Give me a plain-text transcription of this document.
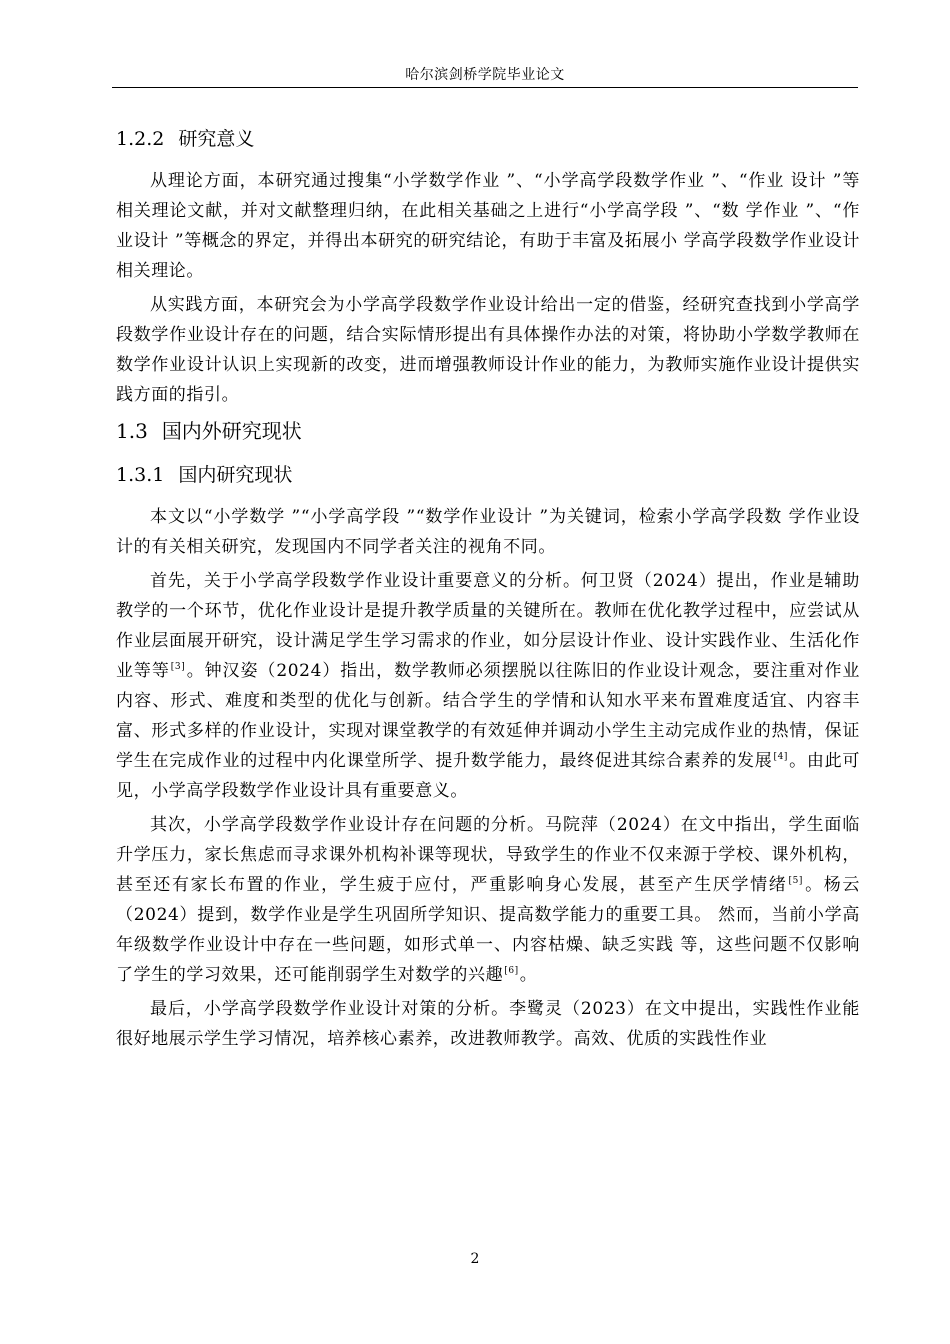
哈尔滨剑桥学院毕业论文
1.2.2 研究意义

从理论方面，本研究通过搜集“小学数学作业 ”、“小学高学段数学作业 ”、“作业 设计 ”等相关理论文献，并对文献整理归纳，在此相关基础之上进行“小学高学段 ”、“数 学作业 ”、“作业设计 ”等概念的界定，并得出本研究的研究结论，有助于丰富及拓展小 学高学段数学作业设计相关理论。

从实践方面，本研究会为小学高学段数学作业设计给出一定的借鉴，经研究查找到小学高学段数学作业设计存在的问题，结合实际情形提出有具体操作办法的对策，将协助小学数学教师在数学作业设计认识上实现新的改变，进而增强教师设计作业的能力，为教师实施作业设计提供实践方面的指引。

1.3 国内外研究现状
1.3.1 国内研究现状

本文以“小学数学 ”“小学高学段 ”“数学作业设计 ”为关键词，检索小学高学段数 学作业设计的有关相关研究，发现国内不同学者关注的视角不同。

首先，关于小学高学段数学作业设计重要意义的分析。何卫贤（2024）提出，作业是辅助教学的一个环节，优化作业设计是提升教学质量的关键所在。教师在优化教学过程中，应尝试从作业层面展开研究，设计满足学生学习需求的作业，如分层设计作业、设计实践作业、生活化作业等等[3]。钟汉姿（2024）指出，数学教师必须摆脱以往陈旧的作业设计观念，要注重对作业内容、形式、难度和类型的优化与创新。结合学生的学情和认知水平来布置难度适宜、内容丰富、形式多样的作业设计，实现对课堂教学的有效延伸并调动小学生主动完成作业的热情，保证学生在完成作业的过程中内化课堂所学、提升数学能力，最终促进其综合素养的发展[4]。由此可见，小学高学段数学作业设计具有重要意义。

其次，小学高学段数学作业设计存在问题的分析。马院萍（2024）在文中指出，学生面临升学压力，家长焦虑而寻求课外机构补课等现状，导致学生的作业不仅来源于学校、课外机构，甚至还有家长布置的作业，学生疲于应付，严重影响身心发展，甚至产生厌学情绪[5]。杨云（2024）提到，数学作业是学生巩固所学知识、提高数学能力的重要工具。 然而，当前小学高年级数学作业设计中存在一些问题，如形式单一、内容枯燥、缺乏实践 等，这些问题不仅影响了学生的学习效果，还可能削弱学生对数学的兴趣[6]。

最后，小学高学段数学作业设计对策的分析。李鹭灵（2023）在文中提出，实践性作业能很好地展示学生学习情况，培养核心素养，改进教师教学。高效、优质的实践性作业

2
